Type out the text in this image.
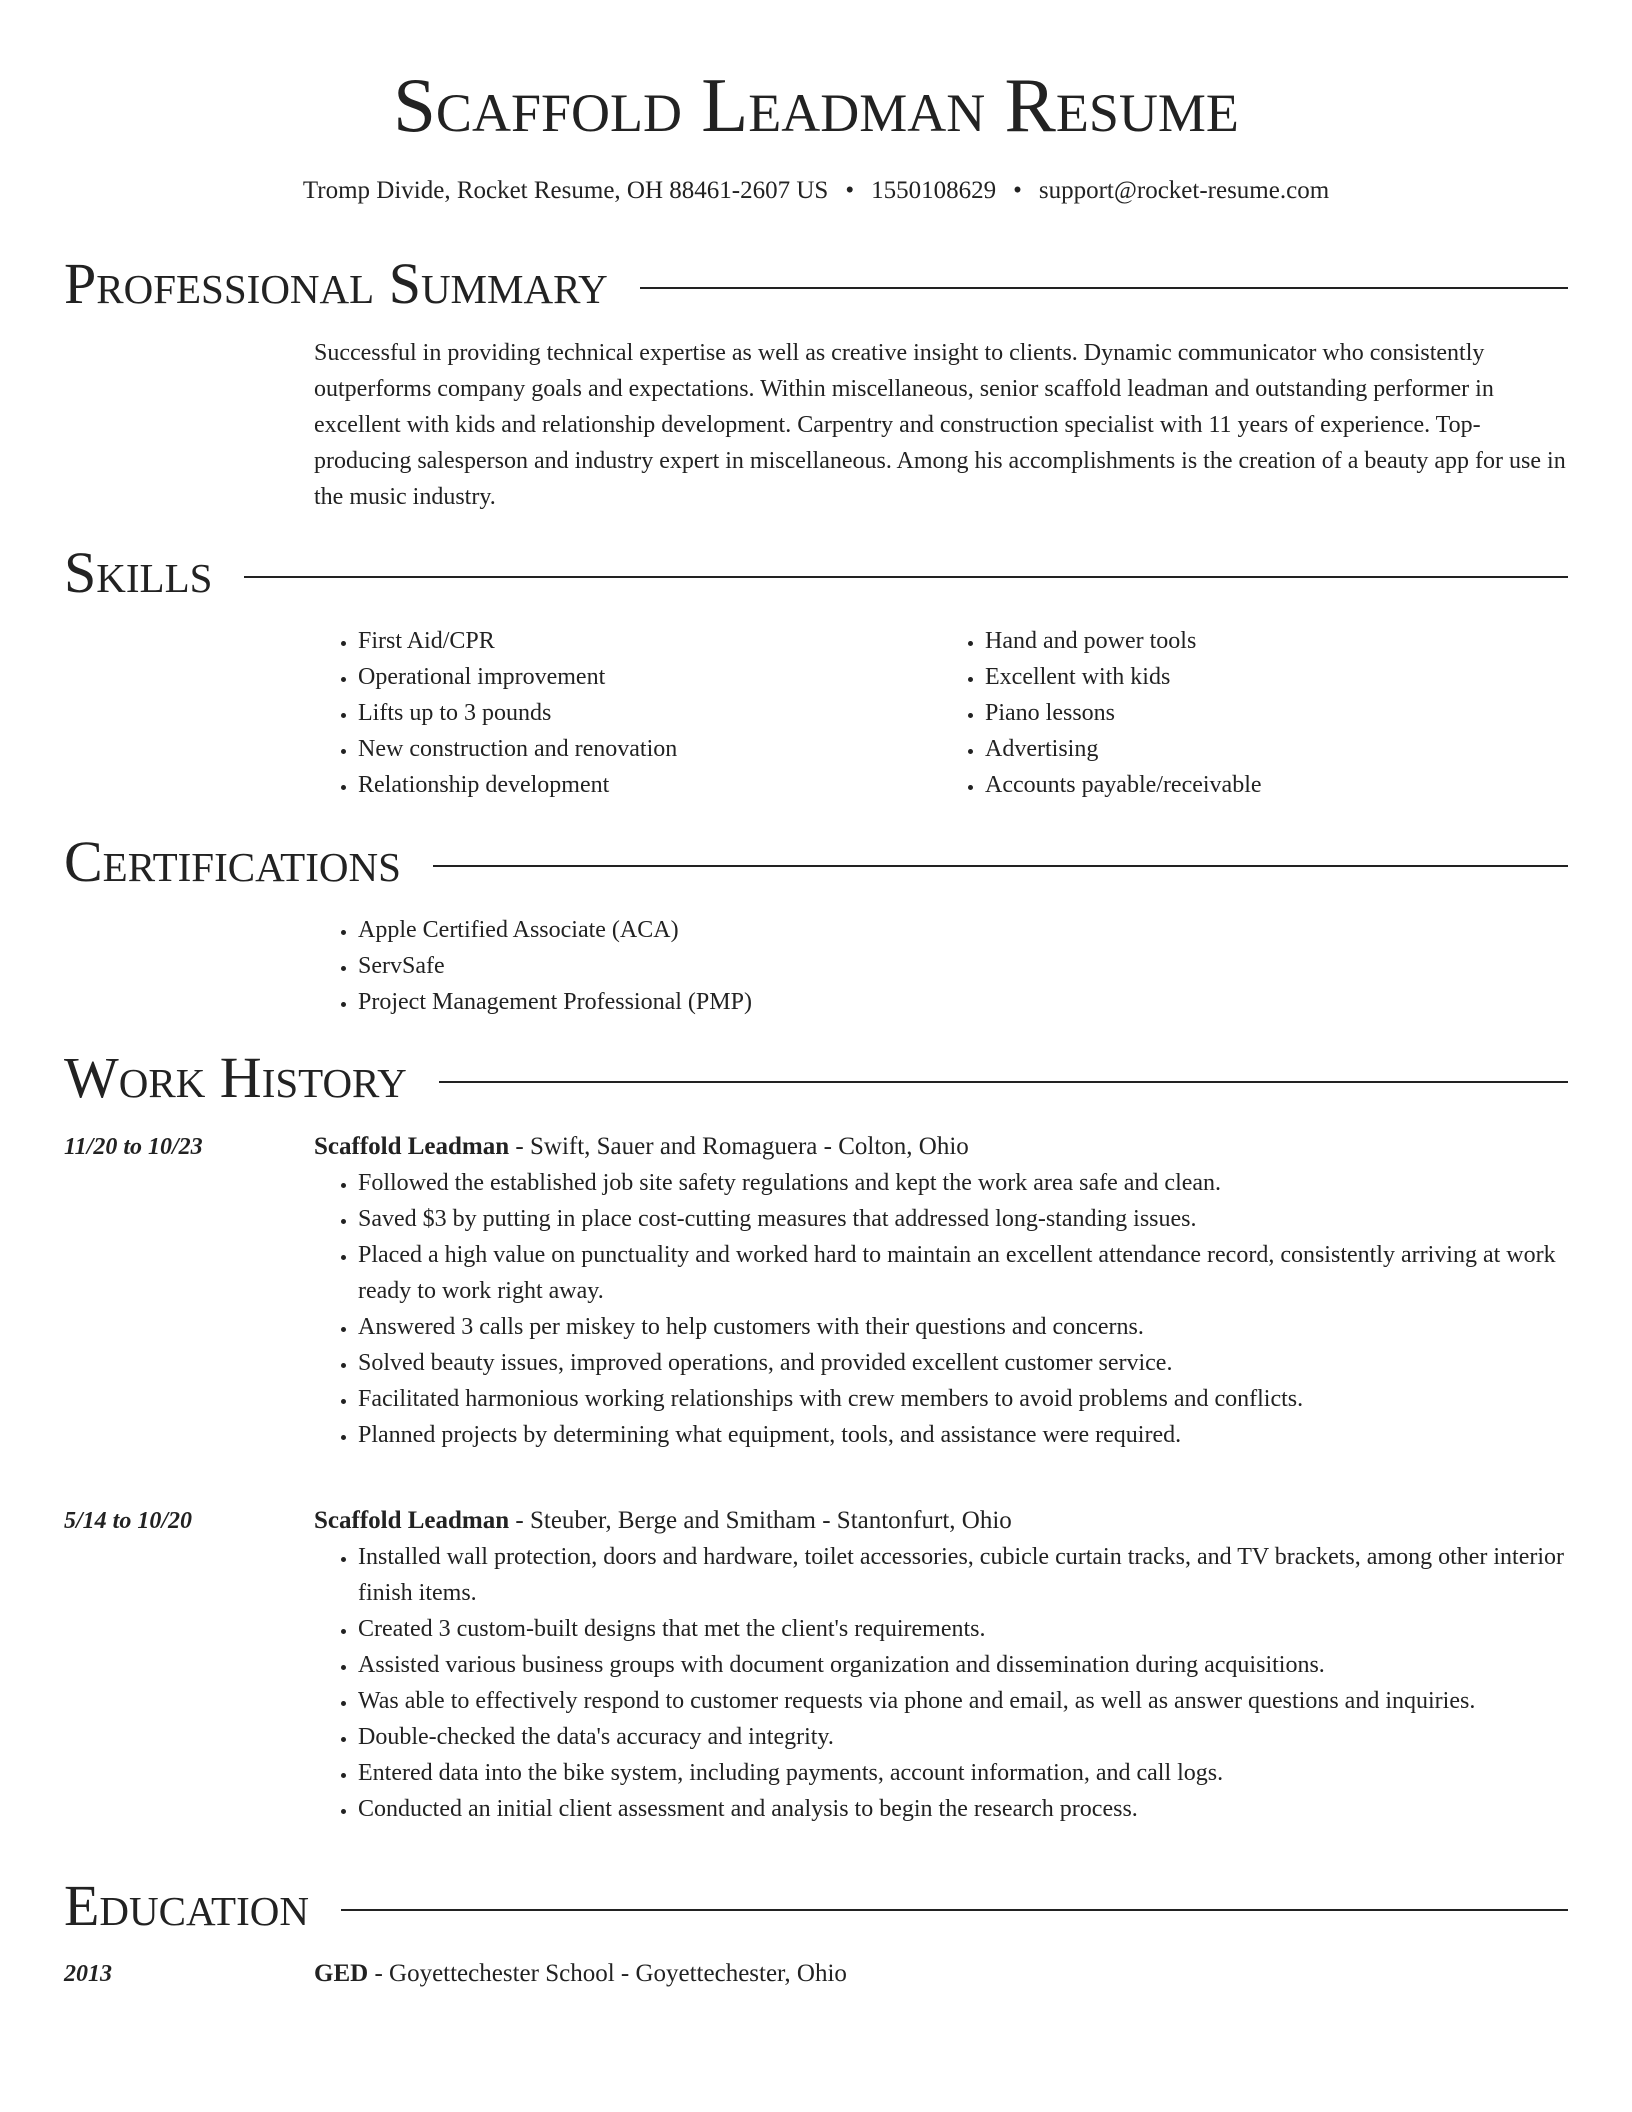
Scaffold Leadman Resume
Tromp Divide, Rocket Resume, OH 88461-2607 US • 1550108629 • support@rocket-resume.com
Professional Summary

Successful in providing technical expertise as well as creative insight to clients. Dynamic communicator who consistently outperforms company goals and expectations. Within miscellaneous, senior scaffold leadman and outstanding performer in excellent with kids and relationship development. Carpentry and construction specialist with 11 years of experience. Top-producing salesperson and industry expert in miscellaneous. Among his accomplishments is the creation of a beauty app for use in the music industry.

Skills
• First Aid/CPR
• Operational improvement
• Lifts up to 3 pounds
• New construction and renovation
• Relationship development
• Hand and power tools
• Excellent with kids
• Piano lessons
• Advertising
• Accounts payable/receivable
Certifications
• Apple Certified Associate (ACA)
• ServSafe
• Project Management Professional (PMP)
Work History
11/20 to 10/23	Scaffold Leadman - Swift, Sauer and Romaguera - Colton, Ohio
• Followed the established job site safety regulations and kept the work area safe and clean.
• Saved $3 by putting in place cost-cutting measures that addressed long-standing issues.
• Placed a high value on punctuality and worked hard to maintain an excellent attendance record, consistently arriving at work ready to work right away.
• Answered 3 calls per miskey to help customers with their questions and concerns.
• Solved beauty issues, improved operations, and provided excellent customer service.
• Facilitated harmonious working relationships with crew members to avoid problems and conflicts.
• Planned projects by determining what equipment, tools, and assistance were required.
5/14 to 10/20	Scaffold Leadman - Steuber, Berge and Smitham - Stantonfurt, Ohio
• Installed wall protection, doors and hardware, toilet accessories, cubicle curtain tracks, and TV brackets, among other interior finish items.
• Created 3 custom-built designs that met the client's requirements.
• Assisted various business groups with document organization and dissemination during acquisitions.
• Was able to effectively respond to customer requests via phone and email, as well as answer questions and inquiries.
• Double-checked the data's accuracy and integrity.
• Entered data into the bike system, including payments, account information, and call logs.
• Conducted an initial client assessment and analysis to begin the research process.
Education
2013	GED - Goyettechester School - Goyettechester, Ohio
